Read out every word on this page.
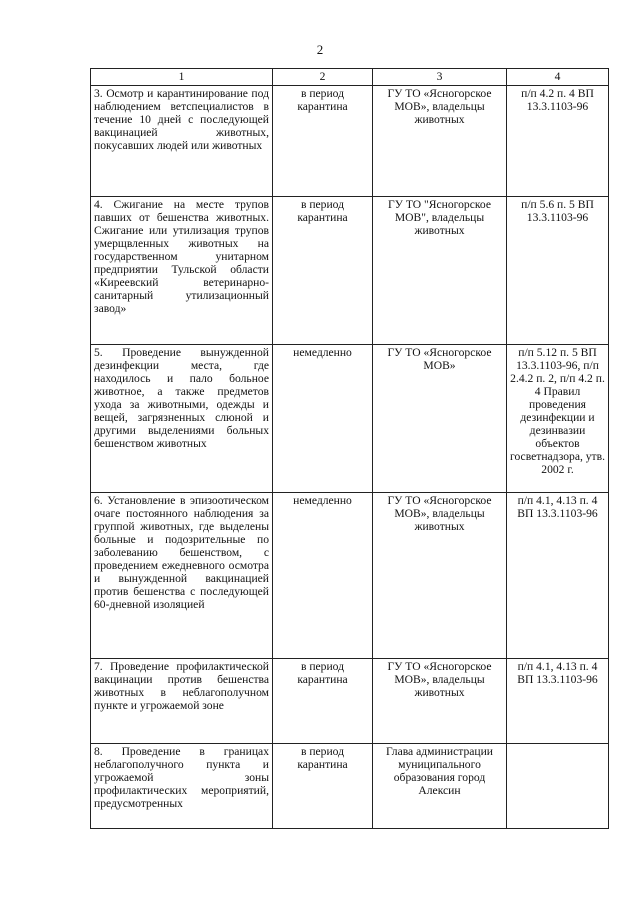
2
1	2	3	4
3. Осмотр и карантинирование под наблюдением ветспециалистов в течение 10 дней с последующей вакцинацией животных, покусавших людей или животных	в период карантина	ГУ ТО «Ясногорское МОВ», владельцы животных	п/п 4.2 п. 4 ВП 13.3.1103-96
4. Сжигание на месте трупов павших от бешенства животных. Сжигание или утилизация трупов умерщвленных животных на государственном унитарном предприятии Тульской области «Киреевский ветеринарно-санитарный утилизационный завод»	в период карантина	ГУ ТО "Ясногорское МОВ", владельцы животных	п/п 5.6 п. 5 ВП 13.3.1103-96
5. Проведение вынужденной дезинфекции места, где находилось и пало больное животное, а также предметов ухода за животными, одежды и вещей, загрязненных слюной и другими выделениями больных бешенством животных	немедленно	ГУ ТО «Ясногорское МОВ»	п/п 5.12 п. 5 ВП 13.3.1103-96, п/п 2.4.2 п. 2, п/п 4.2 п. 4 Правил проведения дезинфекции и дезинвазии объектов госветнадзора, утв. 2002 г.
6. Установление в эпизоотическом очаге постоянного наблюдения за группой животных, где выделены больные и подозрительные по заболеванию бешенством, с проведением ежедневного осмотра и вынужденной вакцинацией против бешенства с последующей 60-дневной изоляцией	немедленно	ГУ ТО «Ясногорское МОВ», владельцы животных	п/п 4.1, 4.13 п. 4 ВП 13.3.1103-96
7. Проведение профилактической вакцинации против бешенства животных в неблагополучном пункте и угрожаемой зоне	в период карантина	ГУ ТО «Ясногорское МОВ», владельцы животных	п/п 4.1, 4.13 п. 4 ВП 13.3.1103-96
8. Проведение в границах неблагополучного пункта и угрожаемой зоны профилактических мероприятий, предусмотренных	в период карантина	Глава администрации муниципального образования город Алексин	
